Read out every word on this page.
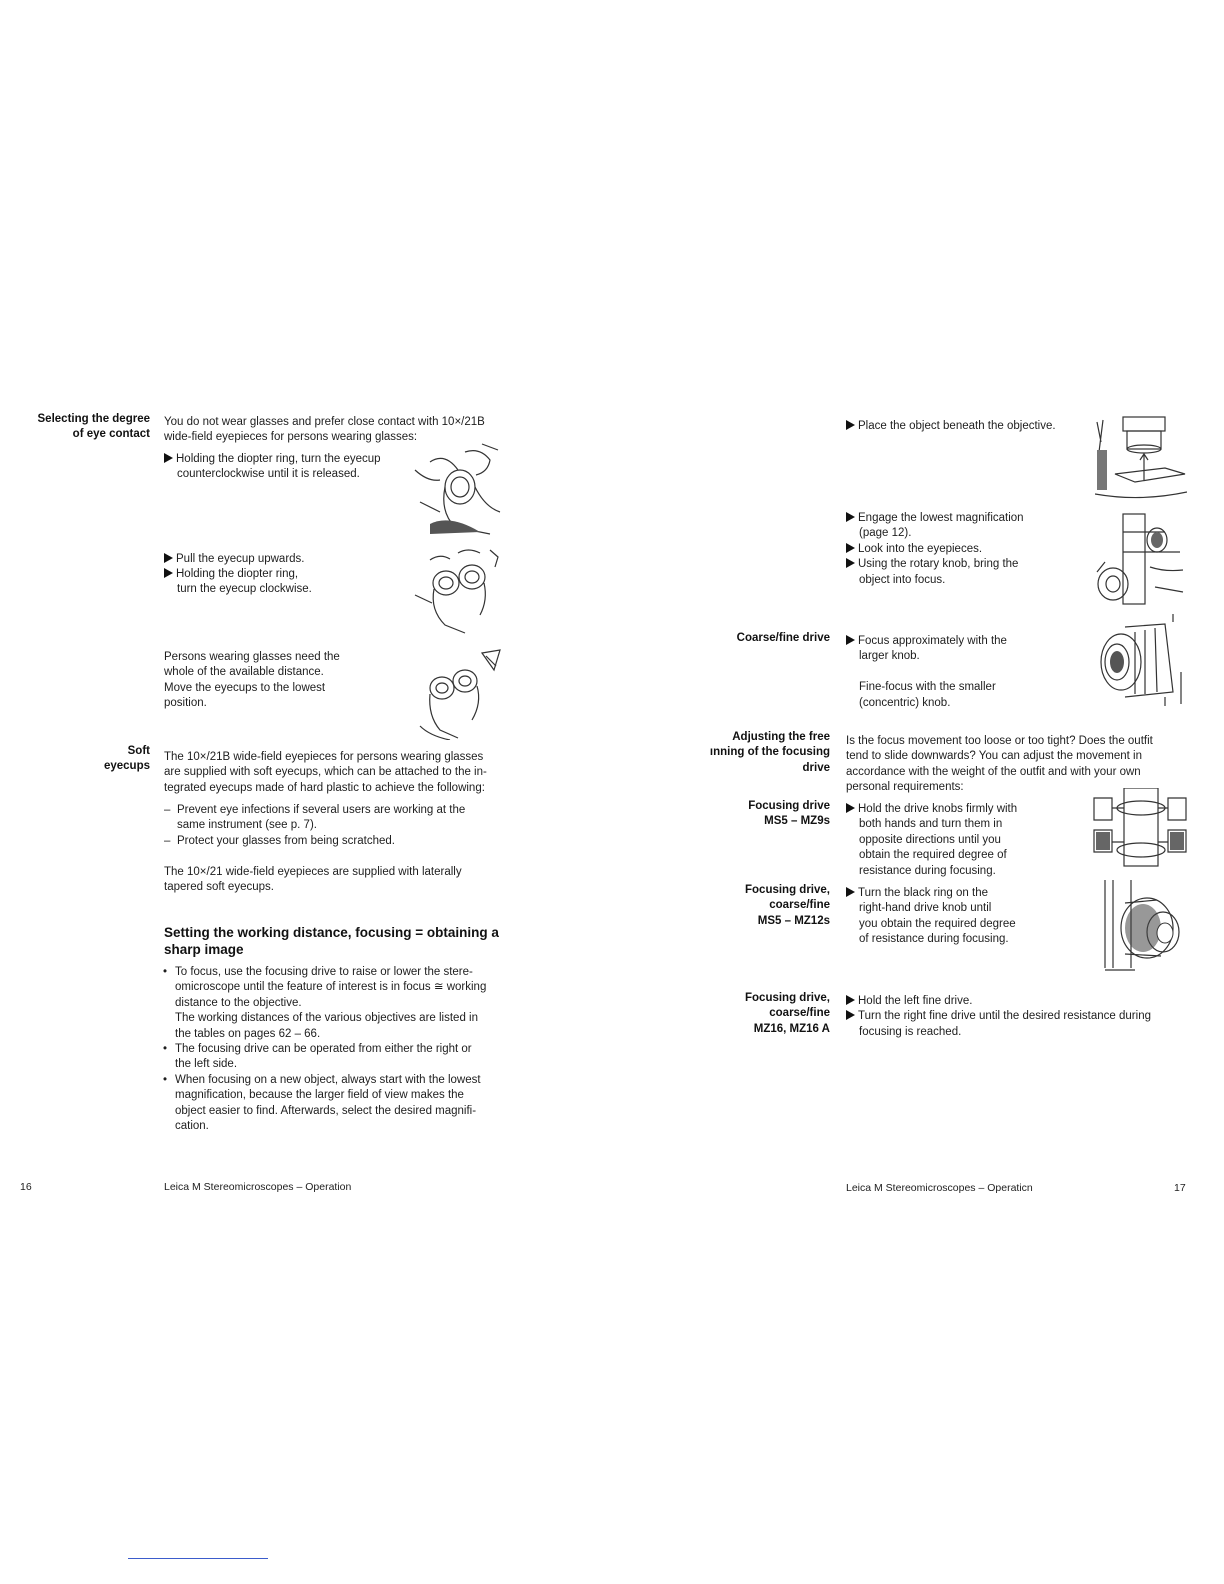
Selecting the degree
of eye contact
You do not wear glasses and prefer close contact with 10×/21B
wide-field eyepieces for persons wearing glasses:
Holding the diopter ring, turn the eyecup
counterclockwise until it is released.
Pull the eyecup upwards.
Holding the diopter ring,
turn the eyecup clockwise.
Persons wearing glasses need the
whole of the available distance.
Move the eyecups to the lowest
position.
Soft
eyecups
The 10×/21B wide-field eyepieces for persons wearing glasses
are supplied with soft eyecups, which can be attached to the in-
tegrated eyecups made of hard plastic to achieve the following:
– Prevent eye infections if several users are working at the
same instrument (see p. 7).
– Protect your glasses from being scratched.
The 10×/21 wide-field eyepieces are supplied with laterally
tapered soft eyecups.
Setting the working distance, focusing = obtaining a
sharp image
• To focus, use the focusing drive to raise or lower the stere-
omicroscope until the feature of interest is in focus ≅ working
distance to the objective.
The working distances of the various objectives are listed in
the tables on pages 62 – 66.
• The focusing drive can be operated from either the right or
the left side.
• When focusing on a new object, always start with the lowest
magnification, because the larger field of view makes the
object easier to find. Afterwards, select the desired magnifi-
cation.
16	Leica M Stereomicroscopes – Operation
Place the object beneath the objective.
Engage the lowest magnification
(page 12).
Look into the eyepieces.
Using the rotary knob, bring the
object into focus.
Coarse/fine drive	Focus approximately with the
larger knob.

Fine-focus with the smaller
(concentric) knob.
Adjusting the free
ınning of the focusing
drive
Is the focus movement too loose or too tight? Does the outfit
tend to slide downwards? You can adjust the movement in
accordance with the weight of the outfit and with your own
personal requirements:
Focusing drive
MS5 – MZ9s
Hold the drive knobs firmly with
both hands and turn them in
opposite directions until you
obtain the required degree of
resistance during focusing.
Focusing drive,
coarse/fine
MS5 – MZ12s
Turn the black ring on the
right-hand drive knob until
you obtain the required degree
of resistance during focusing.
Focusing drive,
coarse/fine
MZ16, MZ16 A
Hold the left fine drive.
Turn the right fine drive until the desired resistance during
focusing is reached.
Leica M Stereomicroscopes – Operaticn	17
